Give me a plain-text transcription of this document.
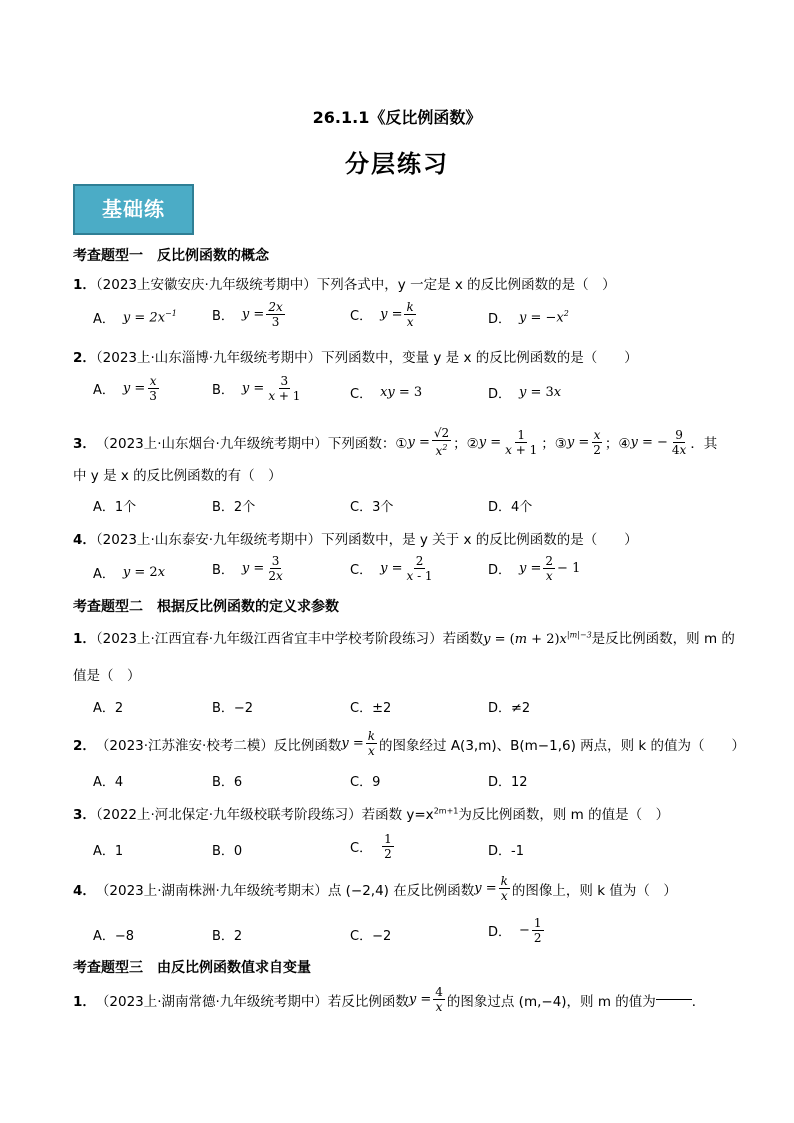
26.1.1《反比例函数》
分层练习
基础练
考查题型一　反比例函数的概念
1．（2023上安徽安庆·九年级统考期中）下列各式中，y 一定是 x 的反比例函数的是（　）
A． $y = 2x^{-1}$	B． $y = \frac{2x}{3}$	C． $y = \frac{k}{x}$	D． $y = -x^2$
2．（2023上·山东淄博·九年级统考期中）下列函数中，变量 y 是 x 的反比例函数的是（　　）
A． $y = \frac{x}{3}$	B． $y = \frac{3}{x + 1}$	C． xy = 3	D． y = 3x
3． （2023上·山东烟台·九年级统考期中）下列函数：① $y = \frac{√2}{x^2}$ ；② $y = \frac{1}{x + 1}$ ；③ $y = \frac{x}{2}$ ；④ y = − $\frac{9}{4x}$ ．其
中 y 是 x 的反比例函数的有（　）
A．1个	B．2个	C．3个	D．4个
4．（2023上·山东泰安·九年级统考期中）下列函数中，是 y 关于 x 的反比例函数的是（　　）
A． y = 2x	B． $y = \frac{3}{2x}$	C． $y = \frac{2}{x - 1}$	D． $y = \frac{2}{x} - 1$
考查题型二　根据反比例函数的定义求参数
1．（2023上·江西宜春·九年级江西省宜丰中学校考阶段练习）若函数$y = (m + 2)x^{|m|-3}$是反比例函数，则 m 的
值是（　）
A．2	B．−2	C．±2	D．≠2
2． （2023·江苏淮安·校考二模）反比例函数 $y = \frac{k}{x}$ 的图象经过 A(3,m)、B(m−1,6) 两点，则 k 的值为（　　）
A．4	B．6	C．9	D．12
3．（2022上·河北保定·九年级校联考阶段练习）若函数 $y=x^{2m+1}$为反比例函数，则 m 的值是（　）
A．1	B．0	C． $\frac{1}{2}$	D．-1
4． （2023上·湖南株洲·九年级统考期末）点 (−2,4) 在反比例函数 $y = \frac{k}{x}$ 的图像上，则 k 值为（　）
A．−8	B．2	C．−2	D． − $\frac{1}{2}$
考查题型三　由反比例函数值求自变量
1． （2023上·湖南常德·九年级统考期中）若反比例函数 $y = \frac{4}{x}$ 的图象过点 (m,−4)，则 m 的值为	．
